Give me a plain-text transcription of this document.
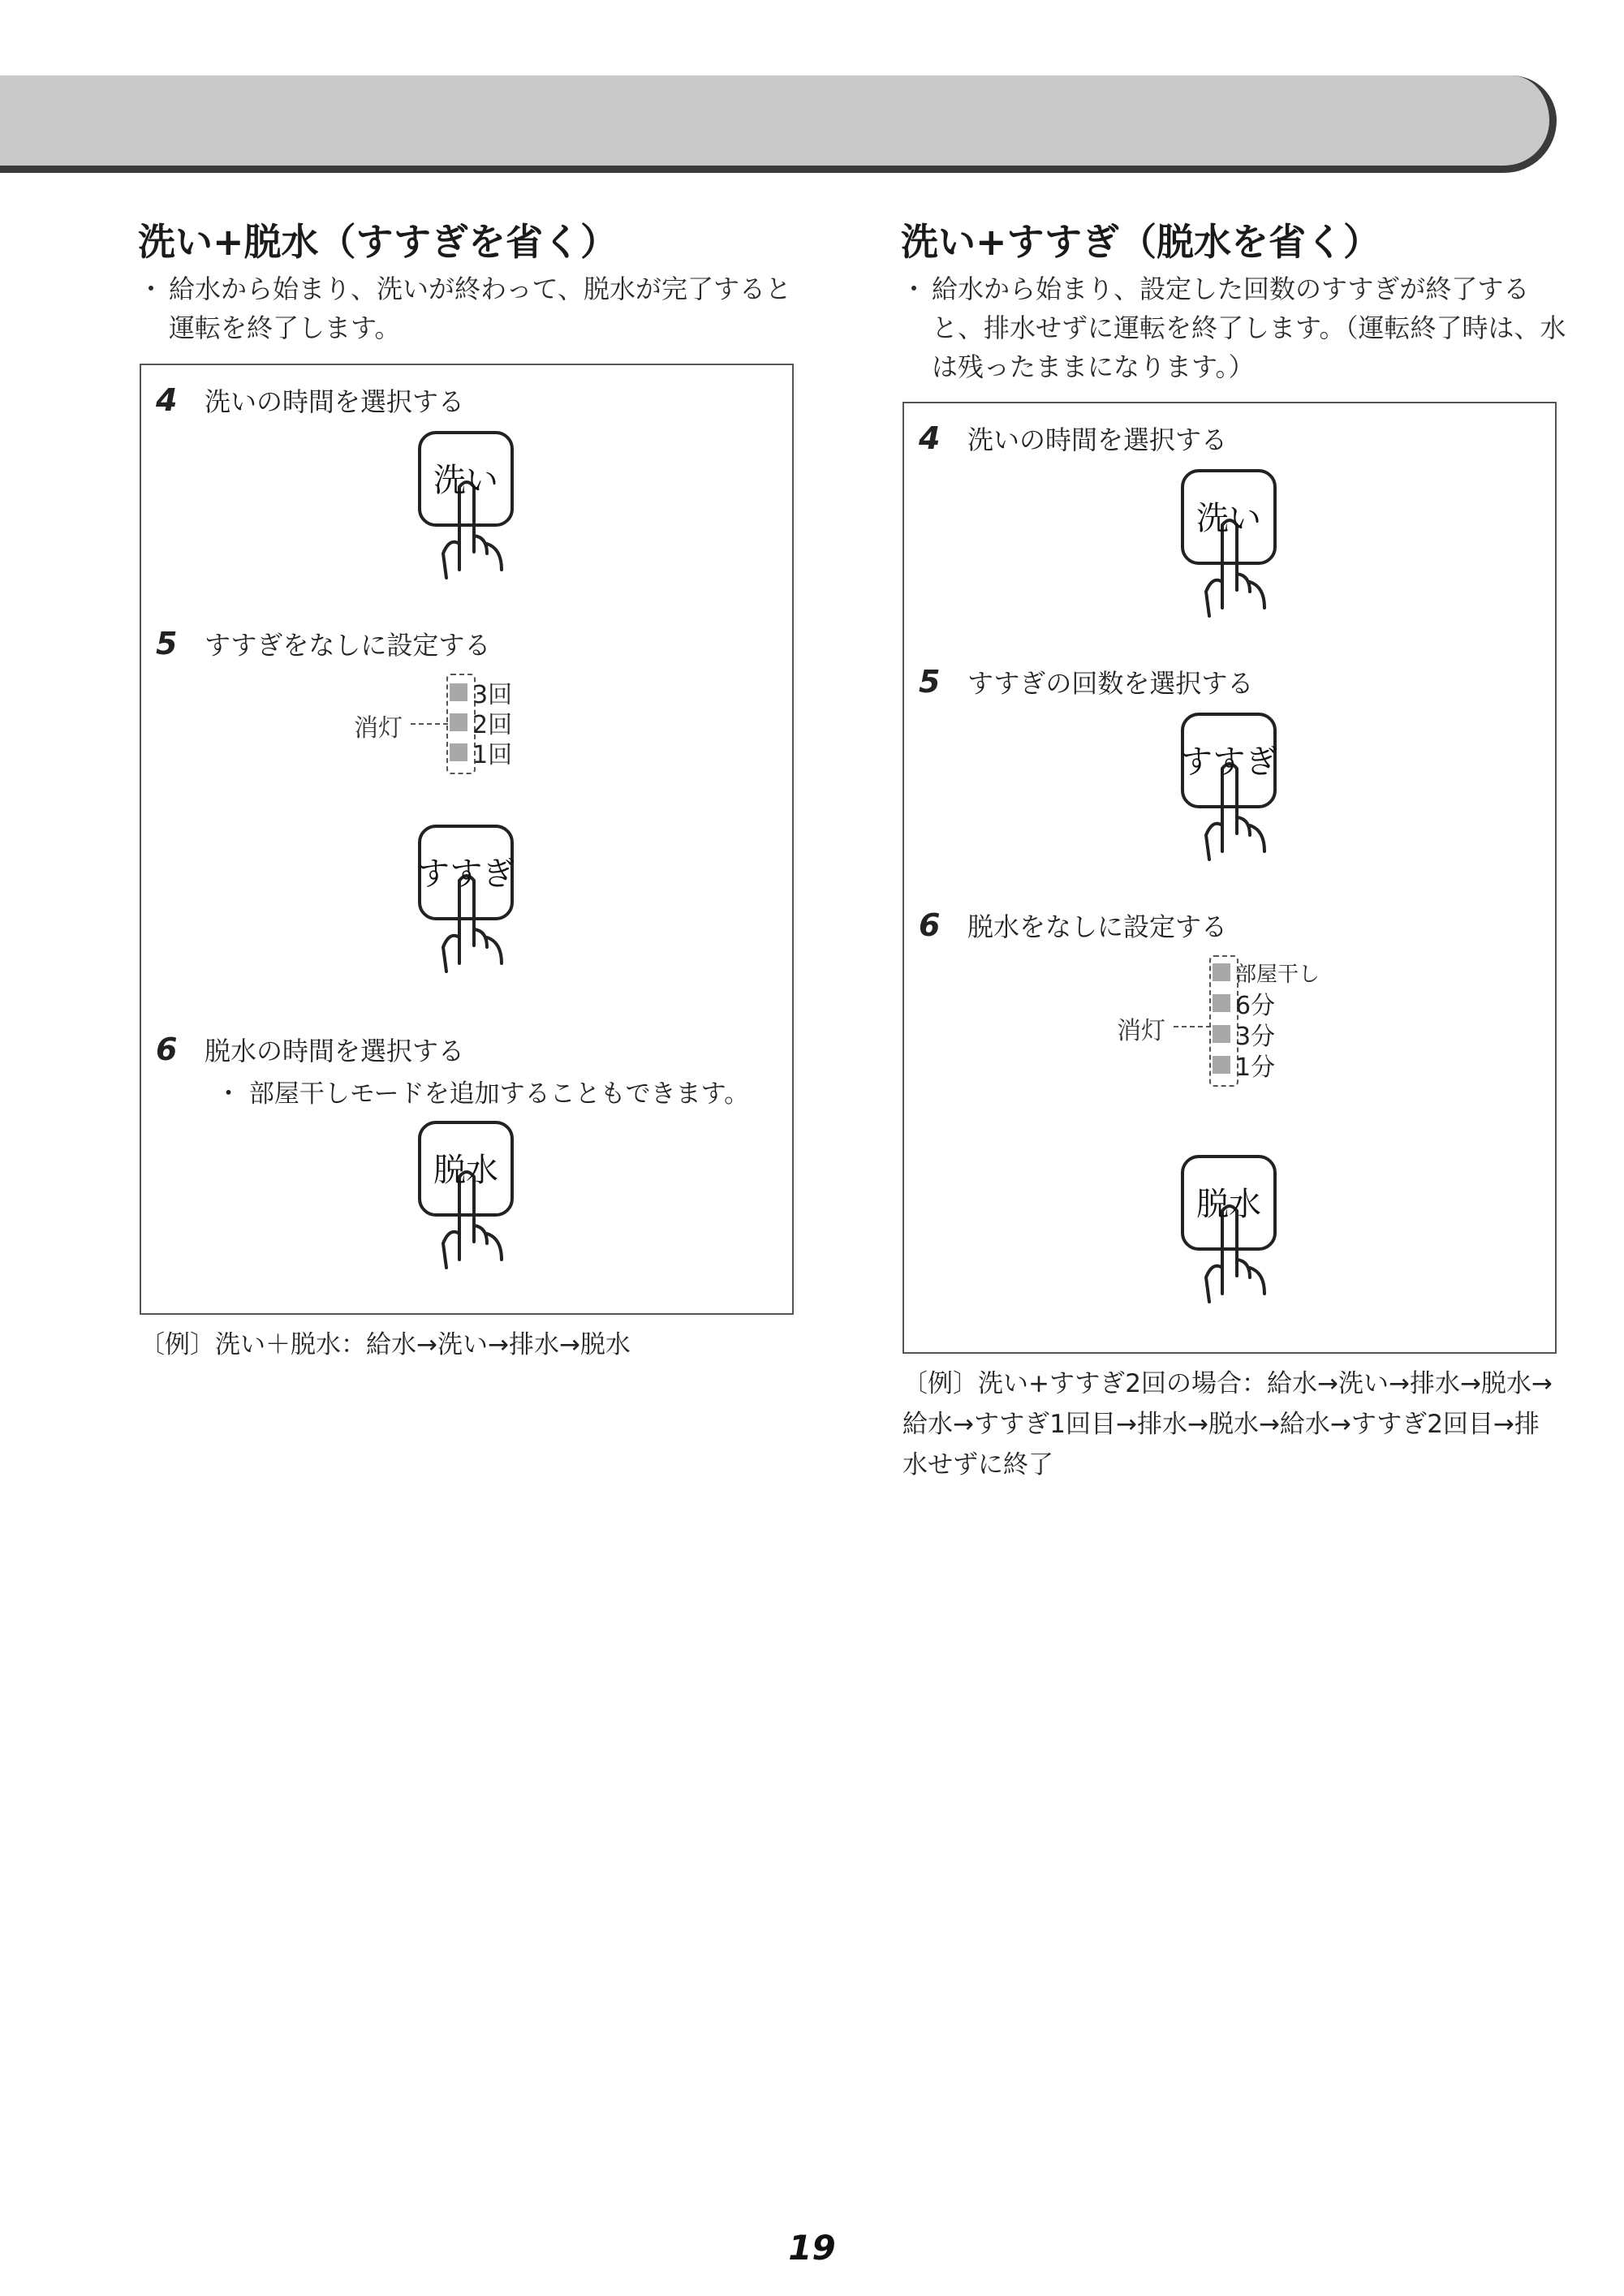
洗い+脱水（すすぎを省く）
・ 給水から始まり、洗いが終わって、脱水が完了すると運転を終了します。
4 洗いの時間を選択する
洗い
5 すすぎをなしに設定する
3回
2回
1回
消灯
すすぎ
6 脱水の時間を選択する
・ 部屋干しモードを追加することもできます。
脱水

〔例〕洗い＋脱水：給水→洗い→排水→脱水

洗い+すすぎ（脱水を省く）
・ 給水から始まり、設定した回数のすすぎが終了すると、排水せずに運転を終了します。（運転終了時は、水は残ったままになります。）
4 洗いの時間を選択する
洗い
5 すすぎの回数を選択する
すすぎ
6 脱水をなしに設定する
部屋干し
6分
3分
1分
消灯
脱水

〔例〕洗い+すすぎ2回の場合：給水→洗い→排水→脱水→給水→すすぎ1回目→排水→脱水→給水→すすぎ2回目→排水せずに終了

19
